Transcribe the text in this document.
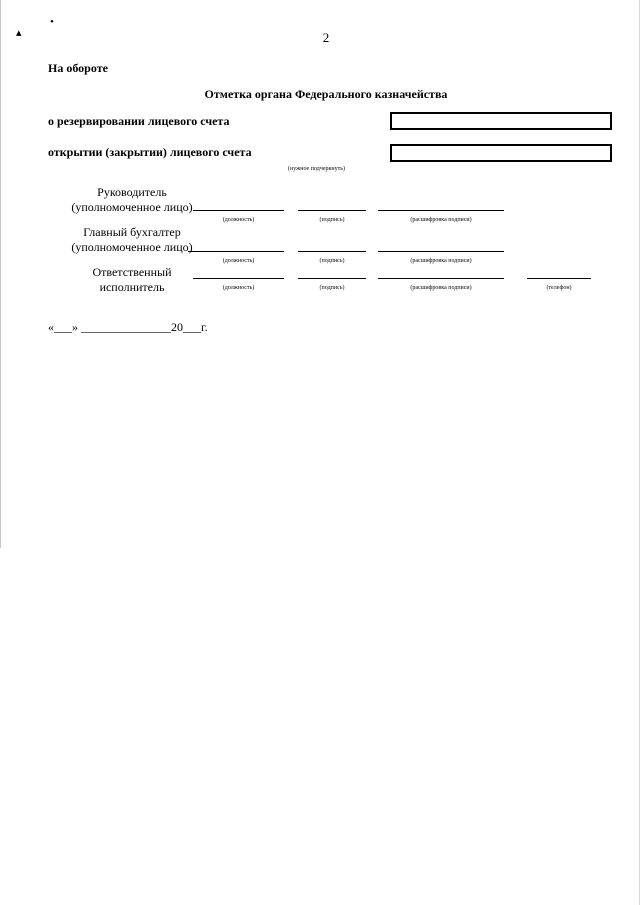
•
▴	2
На обороте
Отметка органа Федерального казначейства
о резервировании лицевого счета
открытии (закрытии) лицевого счета
(нужное подчеркнуть)
Руководитель
(уполномоченное лицо)
(должность)	(подпись)	(расшифровка подписи)
Главный бухгалтер
(уполномоченное лицо)
(должность)	(подпись)	(расшифровка подписи)
Ответственный
исполнитель	(должность)	(подпись)	(расшифровка подписи)	(телефон)
«___» _______________20___г.
